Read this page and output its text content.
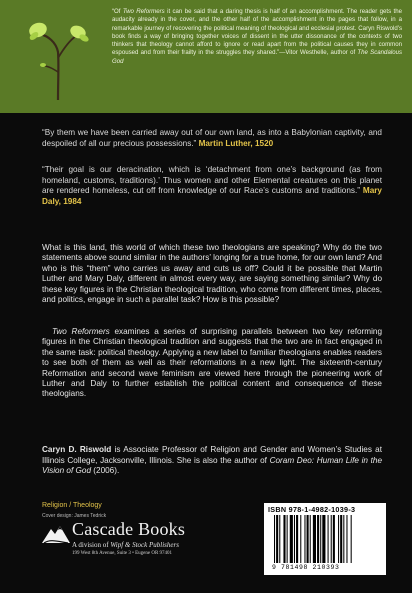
“Of Two Reformers it can be said that a daring thesis is half of an accomplishment. The reader gets the audacity already in the cover, and the other half of the accomplishment in the pages that follow, in a remarkable journey of recovering the political meaning of theological and ecclesial protest. Caryn Riswold’s book finds a way of bringing together voices of dissent in the utter dissonance of the contexts of two thinkers that theology cannot afford to ignore or read apart from the political causes they in common espoused and from their frailty in the struggles they shared.”—Vitor Westhelle, author of The Scandalous God
“By them we have been carried away out of our own land, as into a Babylonian captivity, and despoiled of all our precious possessions.” Martin Luther, 1520
“Their goal is our deracination, which is ‘detachment from one’s background (as from homeland, customs, traditions).’ Thus women and other Elemental creatures on this planet are rendered homeless, cut off from knowledge of our Race’s customs and traditions.” Mary Daly, 1984
What is this land, this world of which these two theologians are speaking? Why do the two statements above sound similar in the authors’ longing for a true home, for our own land? And who is this “them” who carries us away and cuts us off? Could it be possible that Martin Luther and Mary Daly, different in almost every way, are saying something similar? Why do these key figures in the Christian theological tradition, who come from different times, places, and politics, engage in such a parallel task? How is this possible?
Two Reformers examines a series of surprising parallels between two key reforming figures in the Christian theological tradition and suggests that the two are in fact engaged in the same task: political theology. Applying a new label to familiar theologians enables readers to see both of them as well as their reformations in a new light. The sixteenth-century Reformation and second wave feminism are viewed here through the pioneering work of Luther and Daly to further establish the political content and consequence of these theologians.
Caryn D. Riswold is Associate Professor of Religion and Gender and Women’s Studies at Illinois College, Jacksonville, Illinois. She is also the author of Coram Deo: Human Life in the Vision of God (2006).
Religion / Theology
Cover design: James Tedrick
Cascade Books
A division of Wipf & Stock Publishers
199 West 8th Avenue, Suite 3 • Eugene OR 97401
ISBN 978-1-4982-1039-3
9 781498 210393
